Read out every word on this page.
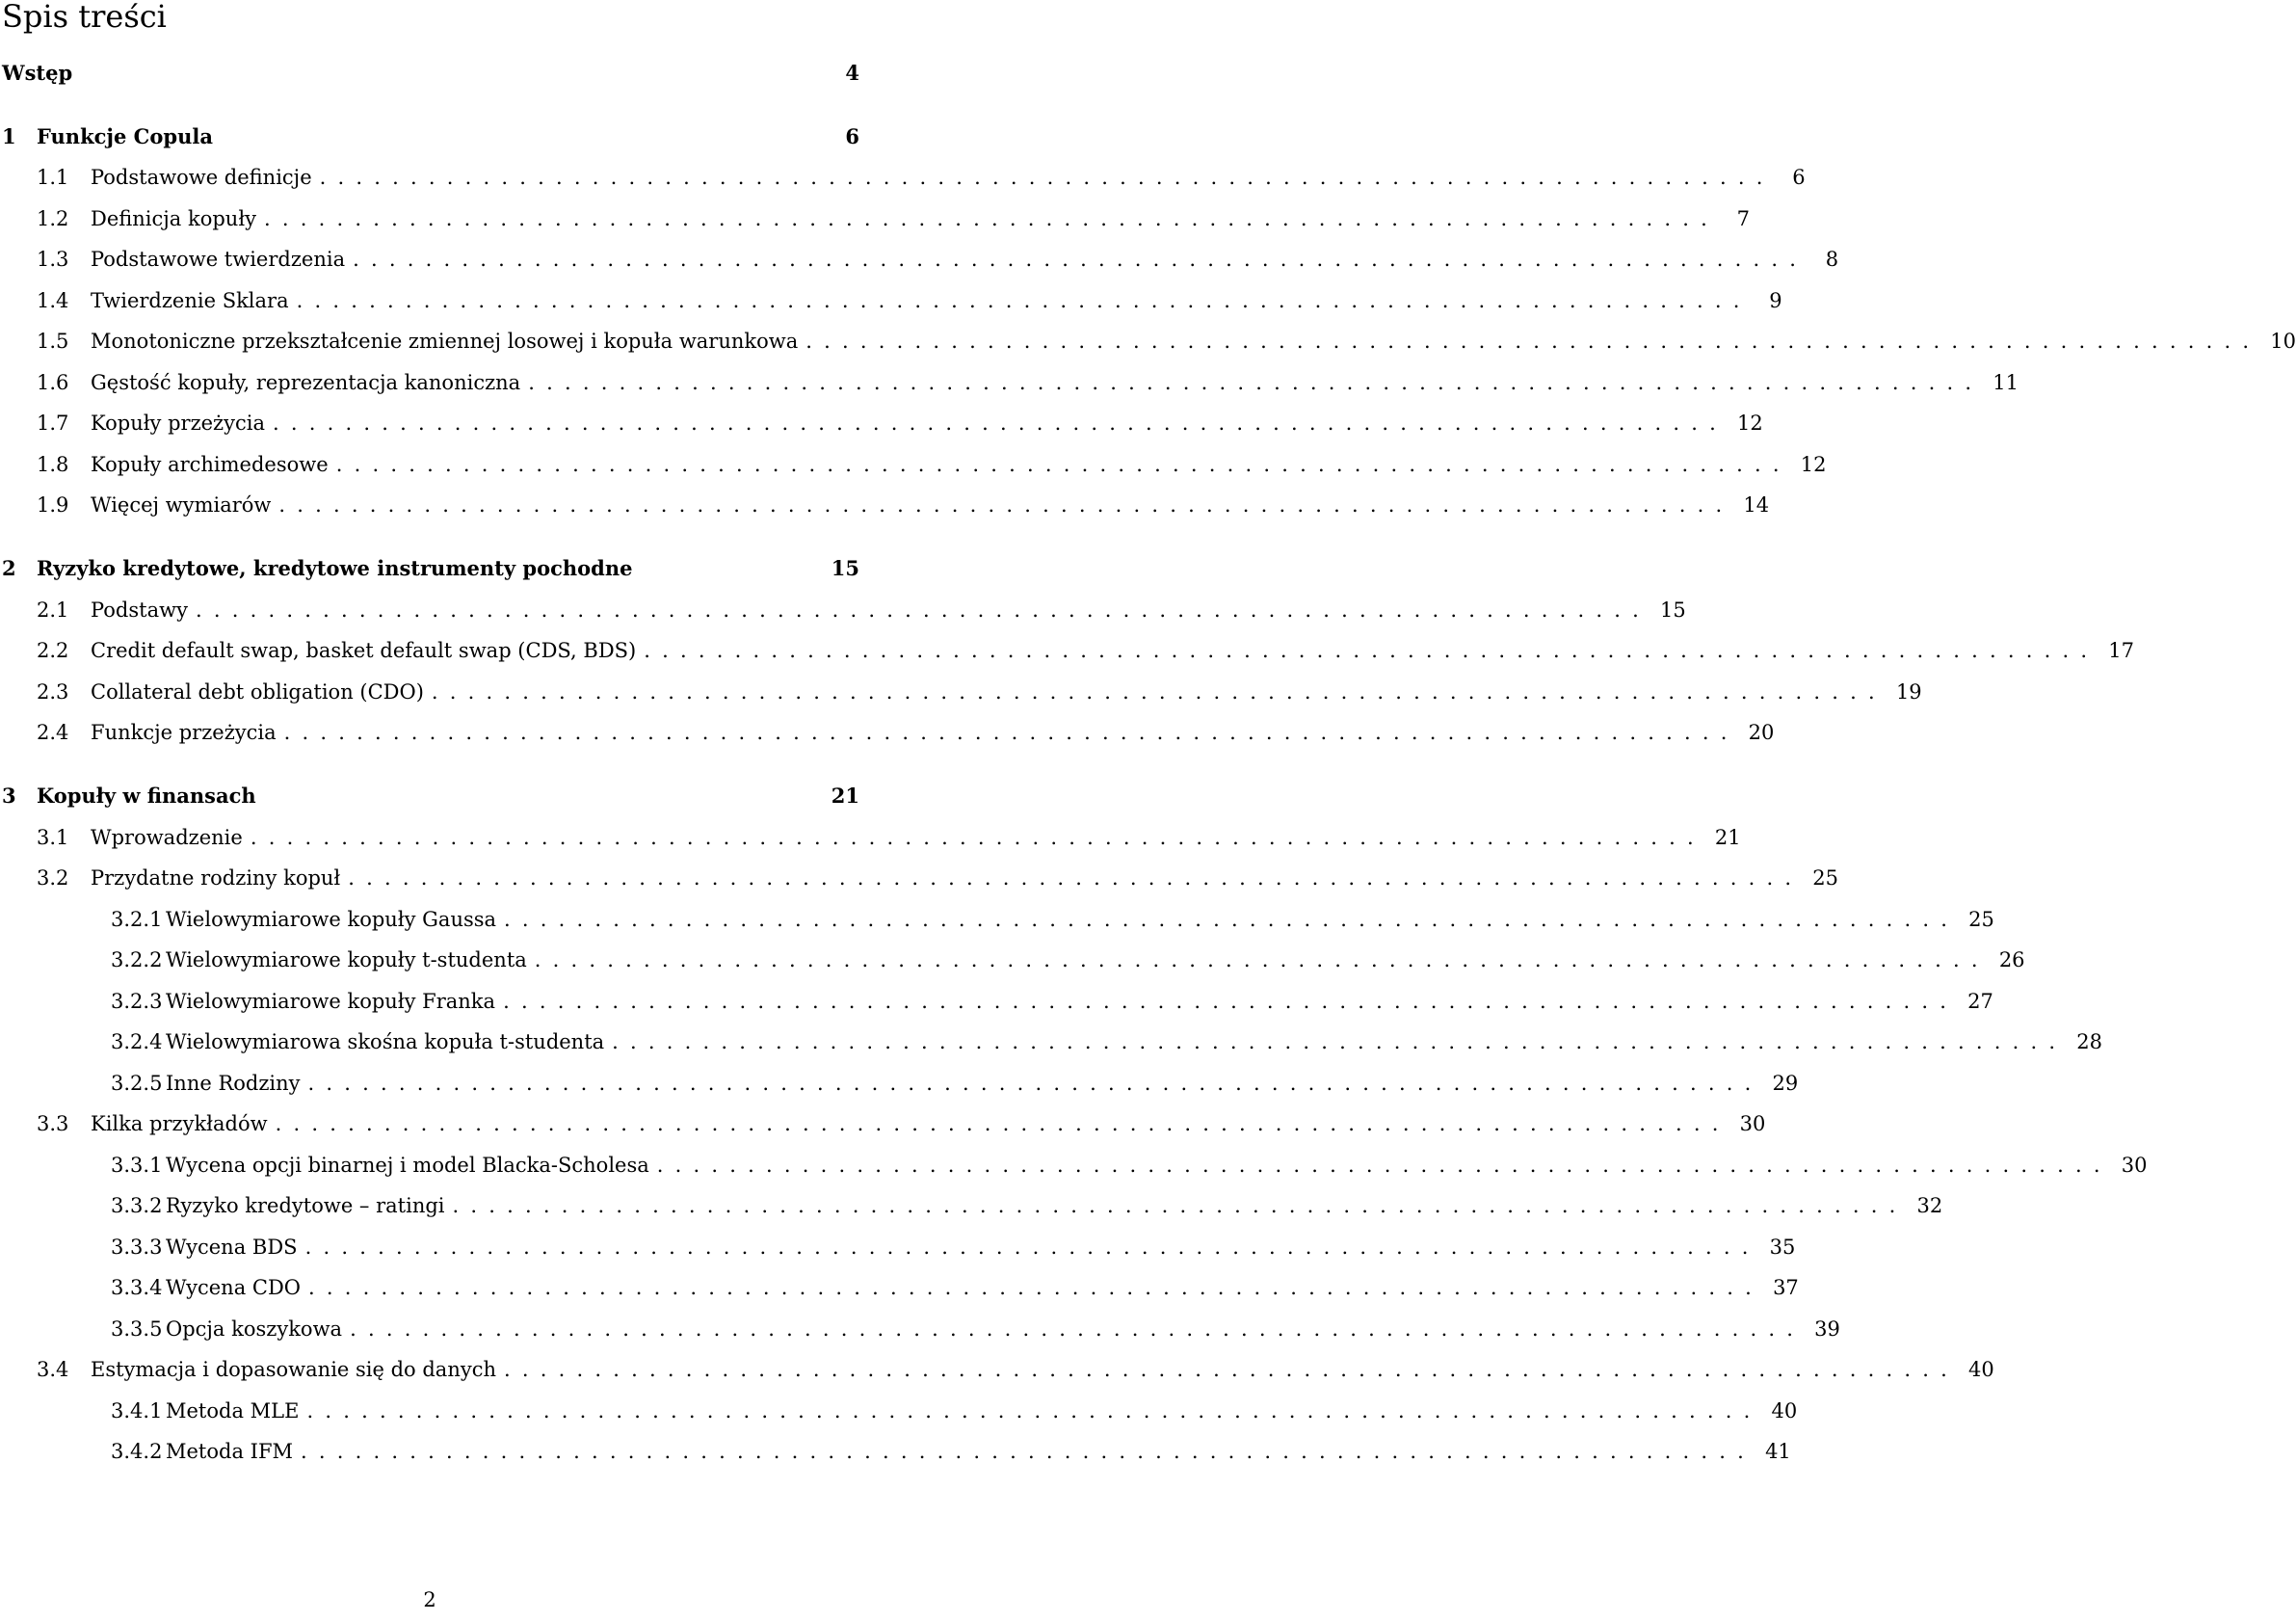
Spis treści
Wstęp	4
1 Funkcje Copula	6
1.1 Podstawowe definicje ................................................................................ 6
1.2 Definicja kopuły ................................................................................ 7
1.3 Podstawowe twierdzenia ................................................................................ 8
1.4 Twierdzenie Sklara ................................................................................ 9
1.5 Monotoniczne przekształcenie zmiennej losowej i kopuła warunkowa ................................................................................ 10
1.6 Gęstość kopuły, reprezentacja kanoniczna ................................................................................ 11
1.7 Kopuły przeżycia ................................................................................ 12
1.8 Kopuły archimedesowe ................................................................................ 12
1.9 Więcej wymiarów ................................................................................ 14
2 Ryzyko kredytowe, kredytowe instrumenty pochodne	15
2.1 Podstawy ................................................................................ 15
2.2 Credit default swap, basket default swap (CDS, BDS) ................................................................................ 17
2.3 Collateral debt obligation (CDO) ................................................................................ 19
2.4 Funkcje przeżycia ................................................................................ 20
3 Kopuły w finansach	21
3.1 Wprowadzenie ................................................................................ 21
3.2 Przydatne rodziny kopuł ................................................................................ 25
3.2.1 Wielowymiarowe kopuły Gaussa ................................................................................ 25
3.2.2 Wielowymiarowe kopuły t-studenta ................................................................................ 26
3.2.3 Wielowymiarowe kopuły Franka ................................................................................ 27
3.2.4 Wielowymiarowa skośna kopuła t-studenta ................................................................................ 28
3.2.5 Inne Rodziny ................................................................................ 29
3.3 Kilka przykładów ................................................................................ 30
3.3.1 Wycena opcji binarnej i model Blacka-Scholesa ................................................................................ 30
3.3.2 Ryzyko kredytowe – ratingi ................................................................................ 32
3.3.3 Wycena BDS ................................................................................ 35
3.3.4 Wycena CDO ................................................................................ 37
3.3.5 Opcja koszykowa ................................................................................ 39
3.4 Estymacja i dopasowanie się do danych ................................................................................ 40
3.4.1 Metoda MLE ................................................................................ 40
3.4.2 Metoda IFM ................................................................................ 41
2
